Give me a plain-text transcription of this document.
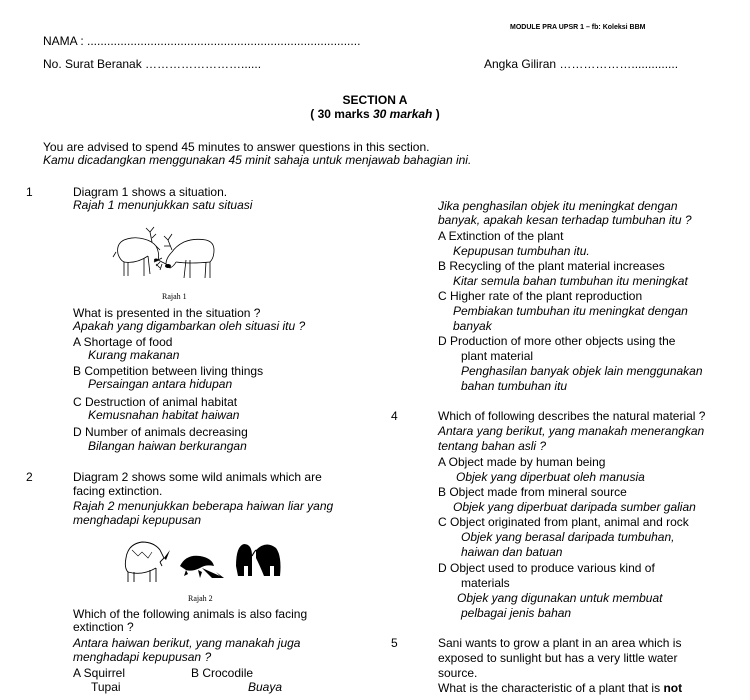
MODULE PRA UPSR 1 – fb: Koleksi BBM
NAMA : ..................................................................................
No. Surat Beranak ……………………......	Angka Giliran ………………..............
SECTION A
( 30 marks 30 markah )
You are advised to spend 45 minutes to answer questions in this section.
Kamu dicadangkan menggunakan 45 minit sahaja untuk menjawab bahagian ini.
1	Diagram 1 shows a situation.
Rajah 1 menunjukkan satu situasi
Rajah 1
What is presented in the situation ?
Apakah yang digambarkan oleh situasi itu ?
A Shortage of food
Kurang makanan
B Competition between living things
Persaingan antara hidupan
C Destruction of animal habitat
Kemusnahan habitat haiwan
D Number of animals decreasing
Bilangan haiwan berkurangan
2	Diagram 2 shows some wild animals which are
facing extinction.
Rajah 2 menunjukkan beberapa haiwan liar yang
menghadapi kepupusan
Rajah 2
Which of the following animals is also facing
extinction ?
Antara haiwan berikut, yang manakah juga
menghadapi kepupusan ?
A Squirrel	B Crocodile
Tupai	Buaya
Jika penghasilan objek itu meningkat dengan
banyak, apakah kesan terhadap tumbuhan itu ?
A Extinction of the plant
Kepupusan tumbuhan itu.
B Recycling of the plant material increases
Kitar semula bahan tumbuhan itu meningkat
C Higher rate of the plant reproduction
Pembiakan tumbuhan itu meningkat dengan
banyak
D Production of more other objects using the
plant material
Penghasilan banyak objek lain menggunakan
bahan tumbuhan itu
4	Which of following describes the natural material ?
Antara yang berikut, yang manakah menerangkan
tentang bahan asli ?
A Object made by human being
Objek yang diperbuat oleh manusia
B Object made from mineral source
Objek yang diperbuat daripada sumber galian
C Object originated from plant, animal and rock
Objek yang berasal daripada tumbuhan,
haiwan dan batuan
D Object used to produce various kind of
materials
Objek yang digunakan untuk membuat
pelbagai jenis bahan
5	Sani wants to grow a plant in an area which is
exposed to sunlight but has a very little water
source.
What is the characteristic of a plant that is not
